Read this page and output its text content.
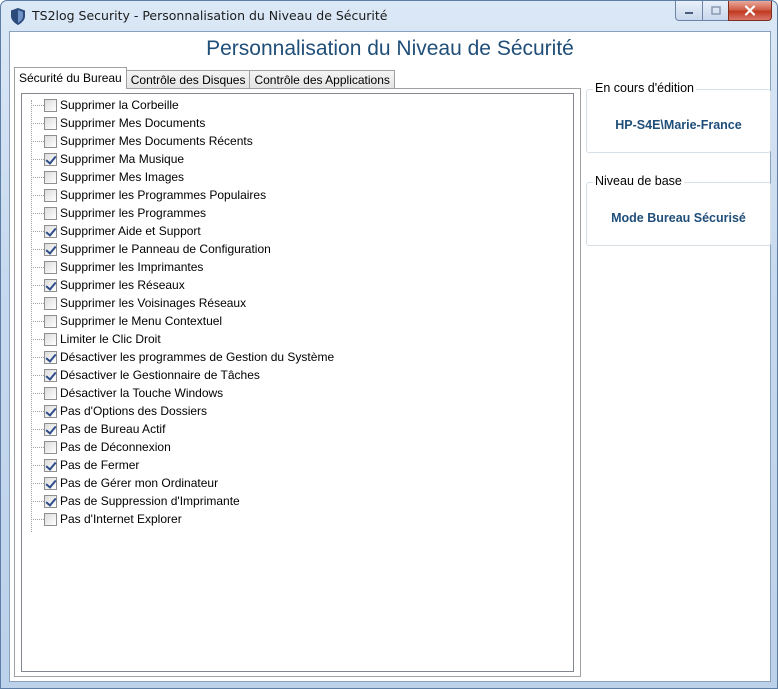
TS2log Security - Personnalisation du Niveau de Sécurité
Personnalisation du Niveau de Sécurité
Sécurité du Bureau Contrôle des Disques Contrôle des Applications
Supprimer la Corbeille
Supprimer Mes Documents
Supprimer Mes Documents Récents
Supprimer Ma Musique
Supprimer Mes Images
Supprimer les Programmes Populaires
Supprimer les Programmes
Supprimer Aide et Support
Supprimer le Panneau de Configuration
Supprimer les Imprimantes
Supprimer les Réseaux
Supprimer les Voisinages Réseaux
Supprimer le Menu Contextuel
Limiter le Clic Droit
Désactiver les programmes de Gestion du Système
Désactiver le Gestionnaire de Tâches
Désactiver la Touche Windows
Pas d'Options des Dossiers
Pas de Bureau Actif
Pas de Déconnexion
Pas de Fermer
Pas de Gérer mon Ordinateur
Pas de Suppression d'Imprimante
Pas d'Internet Explorer
En cours d'édition
HP-S4E\Marie-France
Niveau de base
Mode Bureau Sécurisé
